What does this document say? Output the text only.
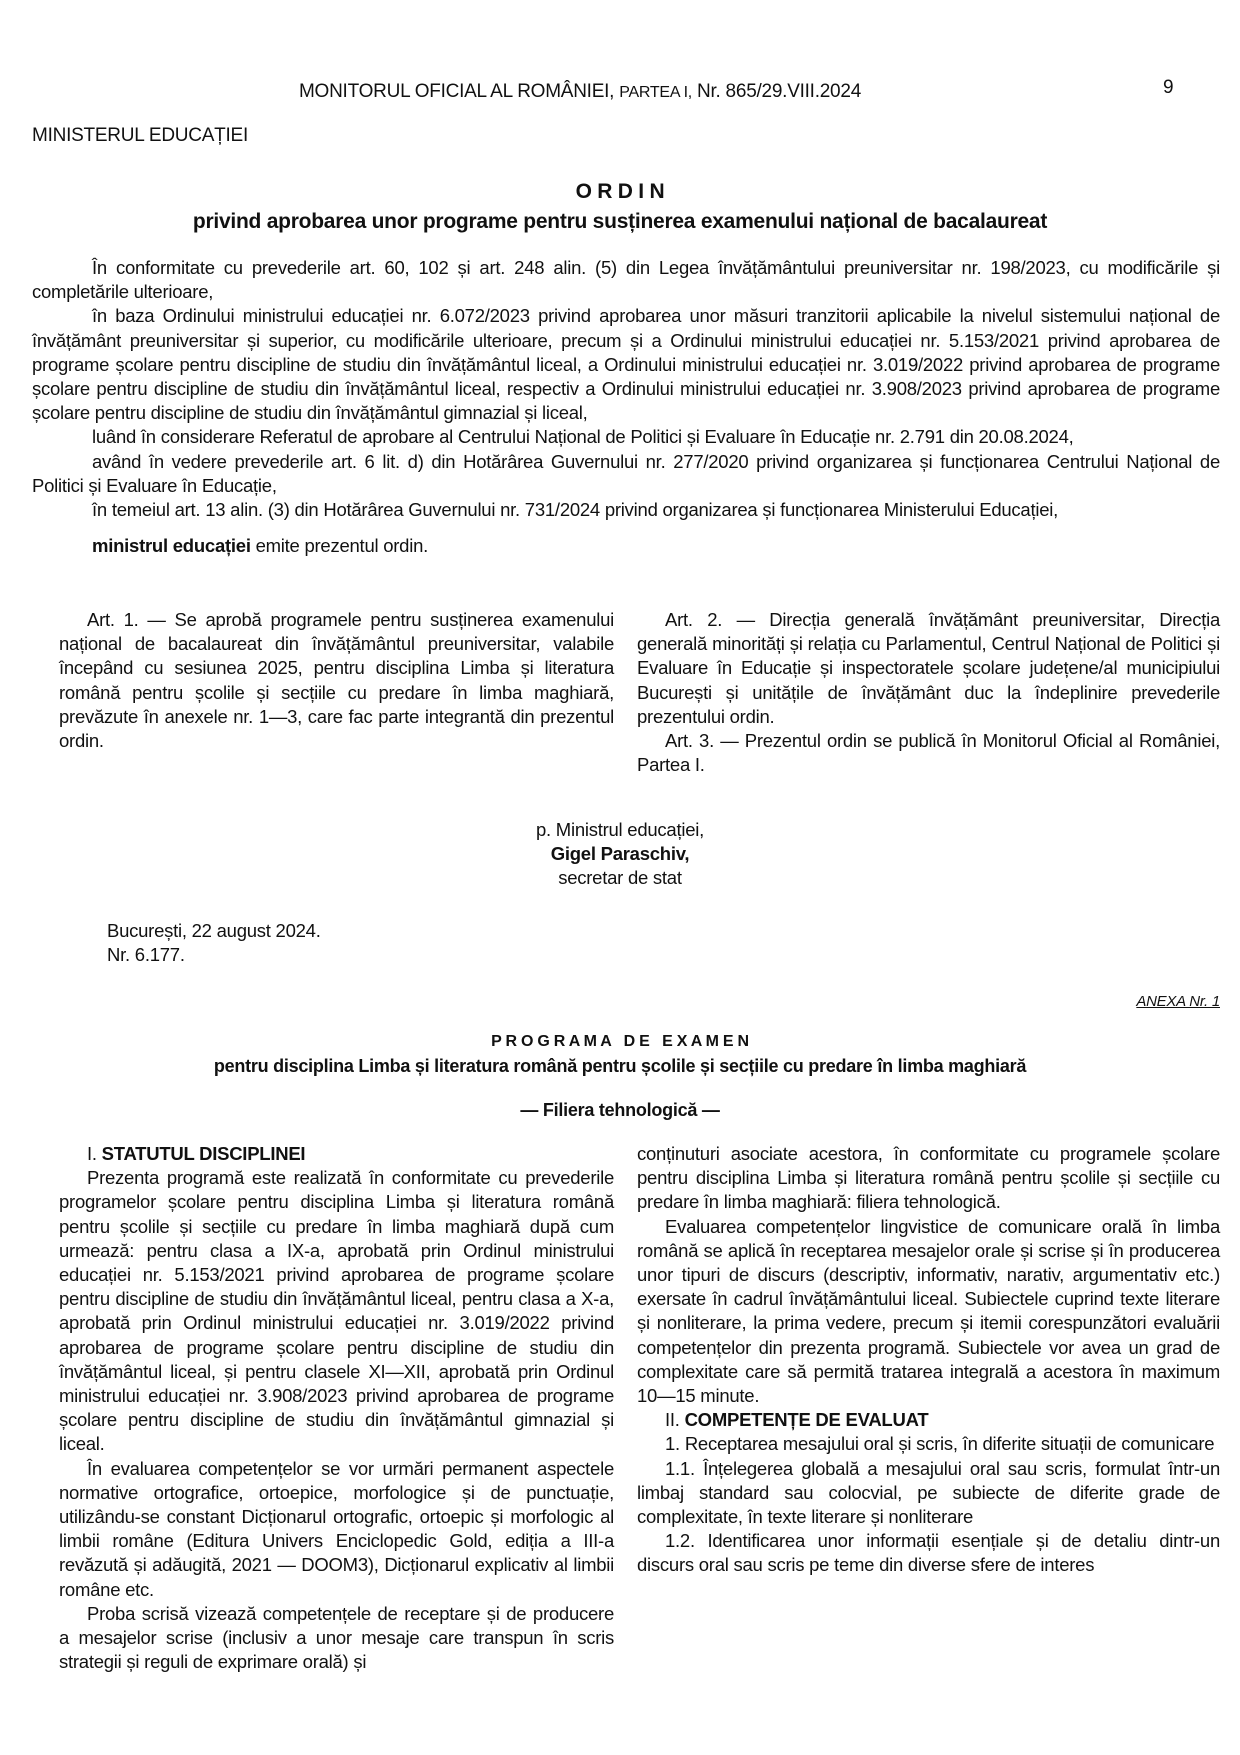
MONITORUL OFICIAL AL ROMÂNIEI, PARTEA I, Nr. 865/29.VIII.2024	9
MINISTERUL EDUCAȚIEI
O R D I N
privind aprobarea unor programe pentru susținerea examenului național de bacalaureat

În conformitate cu prevederile art. 60, 102 și art. 248 alin. (5) din Legea învățământului preuniversitar nr. 198/2023, cu modificările și completările ulterioare,

în baza Ordinului ministrului educației nr. 6.072/2023 privind aprobarea unor măsuri tranzitorii aplicabile la nivelul sistemului național de învățământ preuniversitar și superior, cu modificările ulterioare, precum și a Ordinului ministrului educației nr. 5.153/2021 privind aprobarea de programe școlare pentru discipline de studiu din învățământul liceal, a Ordinului ministrului educației nr. 3.019/2022 privind aprobarea de programe școlare pentru discipline de studiu din învățământul liceal, respectiv a Ordinului ministrului educației nr. 3.908/2023 privind aprobarea de programe școlare pentru discipline de studiu din învățământul gimnazial și liceal,

luând în considerare Referatul de aprobare al Centrului Național de Politici și Evaluare în Educație nr. 2.791 din 20.08.2024,

având în vedere prevederile art. 6 lit. d) din Hotărârea Guvernului nr. 277/2020 privind organizarea și funcționarea Centrului Național de Politici și Evaluare în Educație,

în temeiul art. 13 alin. (3) din Hotărârea Guvernului nr. 731/2024 privind organizarea și funcționarea Ministerului Educației,

ministrul educației emite prezentul ordin.

Art. 1. — Se aprobă programele pentru susținerea examenului național de bacalaureat din învățământul preuniversitar, valabile începând cu sesiunea 2025, pentru disciplina Limba și literatura română pentru școlile și secțiile cu predare în limba maghiară, prevăzute în anexele nr. 1—3, care fac parte integrantă din prezentul ordin.

Art. 2. — Direcția generală învățământ preuniversitar, Direcția generală minorități și relația cu Parlamentul, Centrul Național de Politici și Evaluare în Educație și inspectoratele școlare județene/al municipiului București și unitățile de învățământ duc la îndeplinire prevederile prezentului ordin.

Art. 3. — Prezentul ordin se publică în Monitorul Oficial al României, Partea I.

p. Ministrul educației,
Gigel Paraschiv,
secretar de stat
București, 22 august 2024.
Nr. 6.177.
ANEXA Nr. 1
P R O G R A M A   D E   E X A M E N
pentru disciplina Limba și literatura română pentru școlile și secțiile cu predare în limba maghiară
— Filiera tehnologică —

I. STATUTUL DISCIPLINEI

Prezenta programă este realizată în conformitate cu prevederile programelor școlare pentru disciplina Limba și literatura română pentru școlile și secțiile cu predare în limba maghiară după cum urmează: pentru clasa a IX-a, aprobată prin Ordinul ministrului educației nr. 5.153/2021 privind aprobarea de programe școlare pentru discipline de studiu din învățământul liceal, pentru clasa a X-a, aprobată prin Ordinul ministrului educației nr. 3.019/2022 privind aprobarea de programe școlare pentru discipline de studiu din învățământul liceal, și pentru clasele XI—XII, aprobată prin Ordinul ministrului educației nr. 3.908/2023 privind aprobarea de programe școlare pentru discipline de studiu din învățământul gimnazial și liceal.

În evaluarea competențelor se vor urmări permanent aspectele normative ortografice, ortoepice, morfologice și de punctuație, utilizându-se constant Dicționarul ortografic, ortoepic și morfologic al limbii române (Editura Univers Enciclopedic Gold, ediția a III-a revăzută și adăugită, 2021 — DOOM3), Dicționarul explicativ al limbii române etc.

Proba scrisă vizează competențele de receptare și de producere a mesajelor scrise (inclusiv a unor mesaje care transpun în scris strategii și reguli de exprimare orală) și

conținuturi asociate acestora, în conformitate cu programele școlare pentru disciplina Limba și literatura română pentru școlile și secțiile cu predare în limba maghiară: filiera tehnologică.

Evaluarea competențelor lingvistice de comunicare orală în limba română se aplică în receptarea mesajelor orale și scrise și în producerea unor tipuri de discurs (descriptiv, informativ, narativ, argumentativ etc.) exersate în cadrul învățământului liceal. Subiectele cuprind texte literare și nonliterare, la prima vedere, precum și itemii corespunzători evaluării competențelor din prezenta programă. Subiectele vor avea un grad de complexitate care să permită tratarea integrală a acestora în maximum 10—15 minute.

II. COMPETENȚE DE EVALUAT

1. Receptarea mesajului oral și scris, în diferite situații de comunicare

1.1. Înțelegerea globală a mesajului oral sau scris, formulat într-un limbaj standard sau colocvial, pe subiecte de diferite grade de complexitate, în texte literare și nonliterare

1.2. Identificarea unor informații esențiale și de detaliu dintr-un discurs oral sau scris pe teme din diverse sfere de interes
